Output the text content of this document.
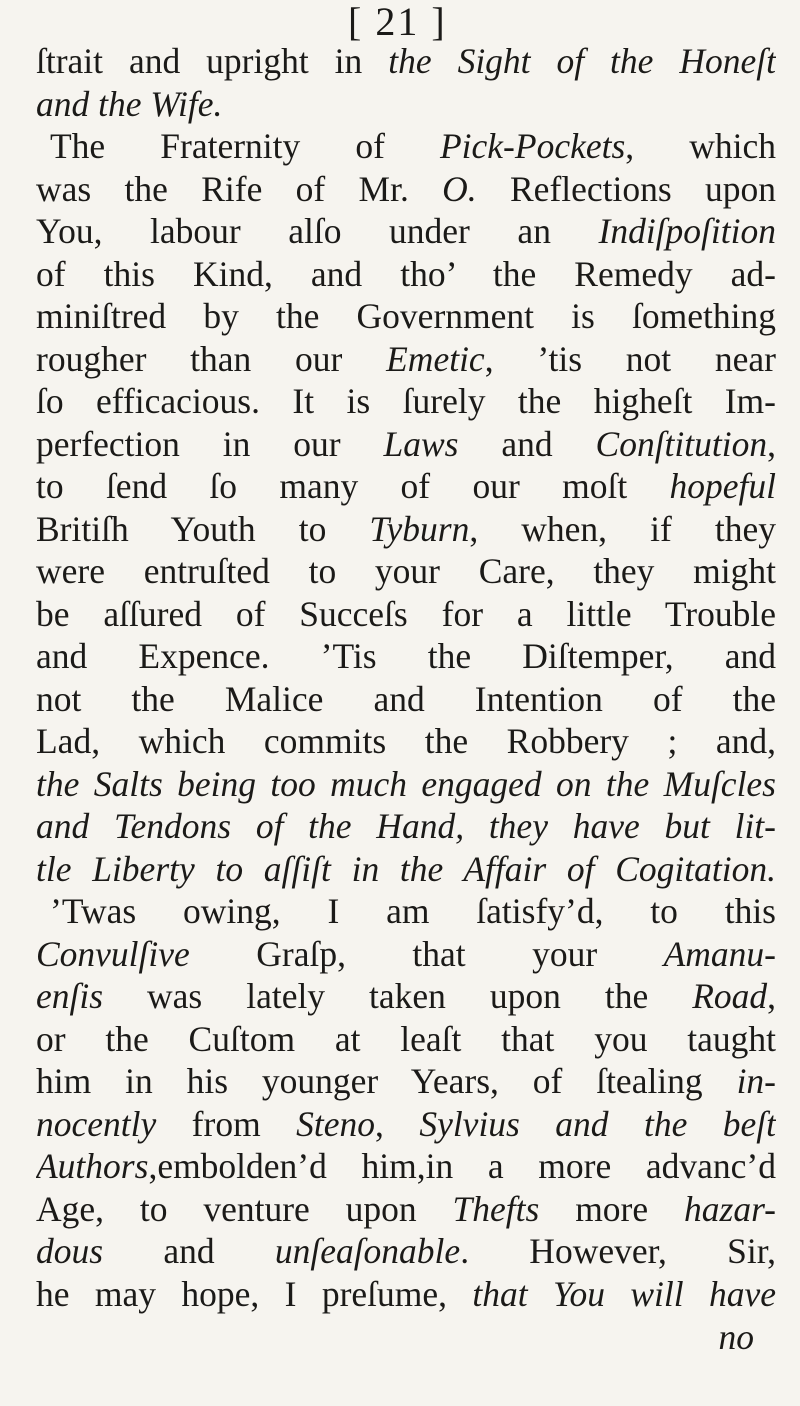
[ 21 ]
ſtrait and upright in the Sight of the Honeſt
and the Wife.
The Fraternity of Pick-Pockets, which
was the Rife of Mr. O. Reflections upon
You, labour alſo under an Indiſpoſition
of this Kind, and tho’ the Remedy ad-
miniſtred by the Government is ſomething
rougher than our Emetic, ’tis not near
ſo efficacious. It is ſurely the higheſt Im-
perfection in our Laws and Conſtitution,
to ſend ſo many of our moſt hopeful
Britiſh Youth to Tyburn, when, if they
were entruſted to your Care, they might
be aſſured of Succeſs for a little Trouble
and Expence. ’Tis the Diſtemper, and
not the Malice and Intention of the
Lad, which commits the Robbery ; and,
the Salts being too much engaged on the Muſcles
and Tendons of the Hand, they have but lit-
tle Liberty to aſſiſt in the Affair of Cogitation.
’Twas owing, I am ſatisfy’d, to this
Convulſive Graſp, that your Amanu-
enſis was lately taken upon the Road,
or the Cuſtom at leaſt that you taught
him in his younger Years, of ſtealing in-
nocently from Steno, Sylvius and the beſt
Authors,embolden’d him,in a more advanc’d
Age, to venture upon Thefts more hazar-
dous and unſeaſonable. However, Sir,
he may hope, I preſume, that You will have
no
